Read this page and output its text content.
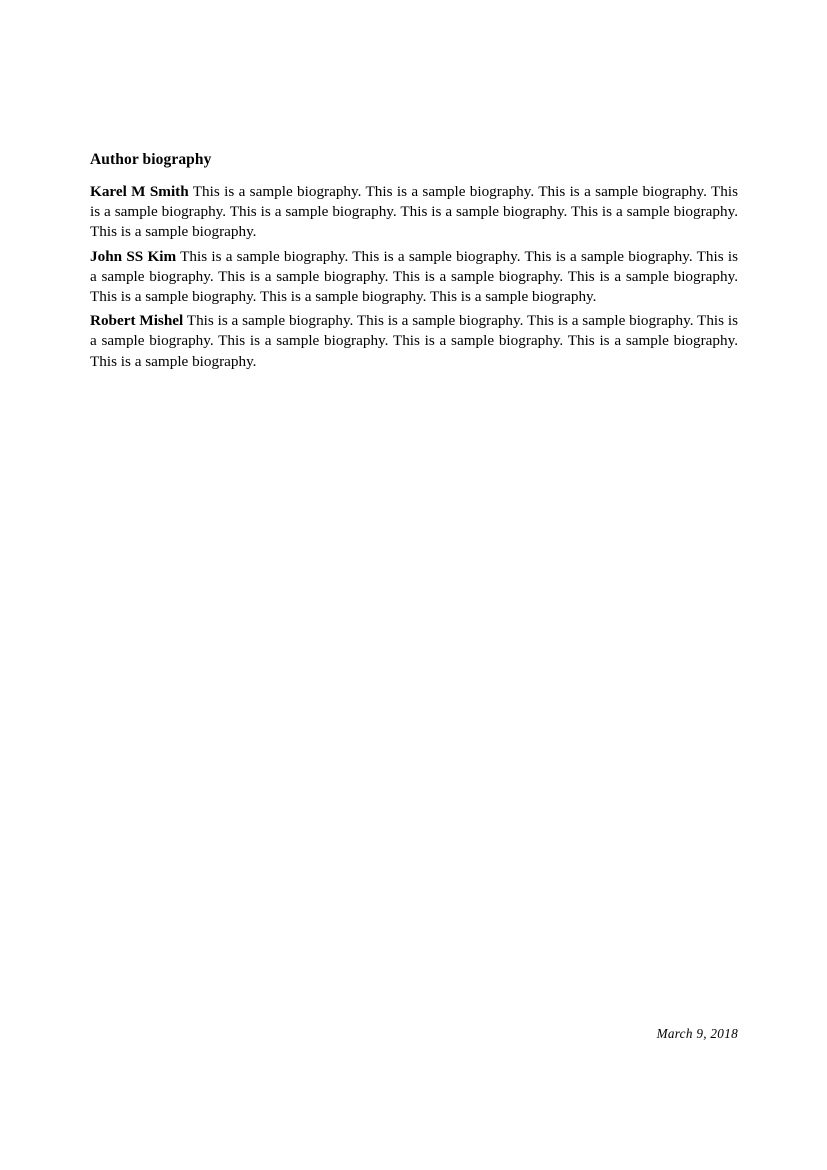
Author biography

Karel M Smith This is a sample biography. This is a sample biography. This is a sample biography. This is a sample biography. This is a sample biography. This is a sample biography. This is a sample biography. This is a sample biography.

John SS Kim This is a sample biography. This is a sample biography. This is a sample biography. This is a sample biography. This is a sample biography. This is a sample biography. This is a sample biography. This is a sample biography. This is a sample biography. This is a sample biography.

Robert Mishel This is a sample biography. This is a sample biography. This is a sample biography. This is a sample biography. This is a sample biography. This is a sample biography. This is a sample biography. This is a sample biography.

March 9, 2018
